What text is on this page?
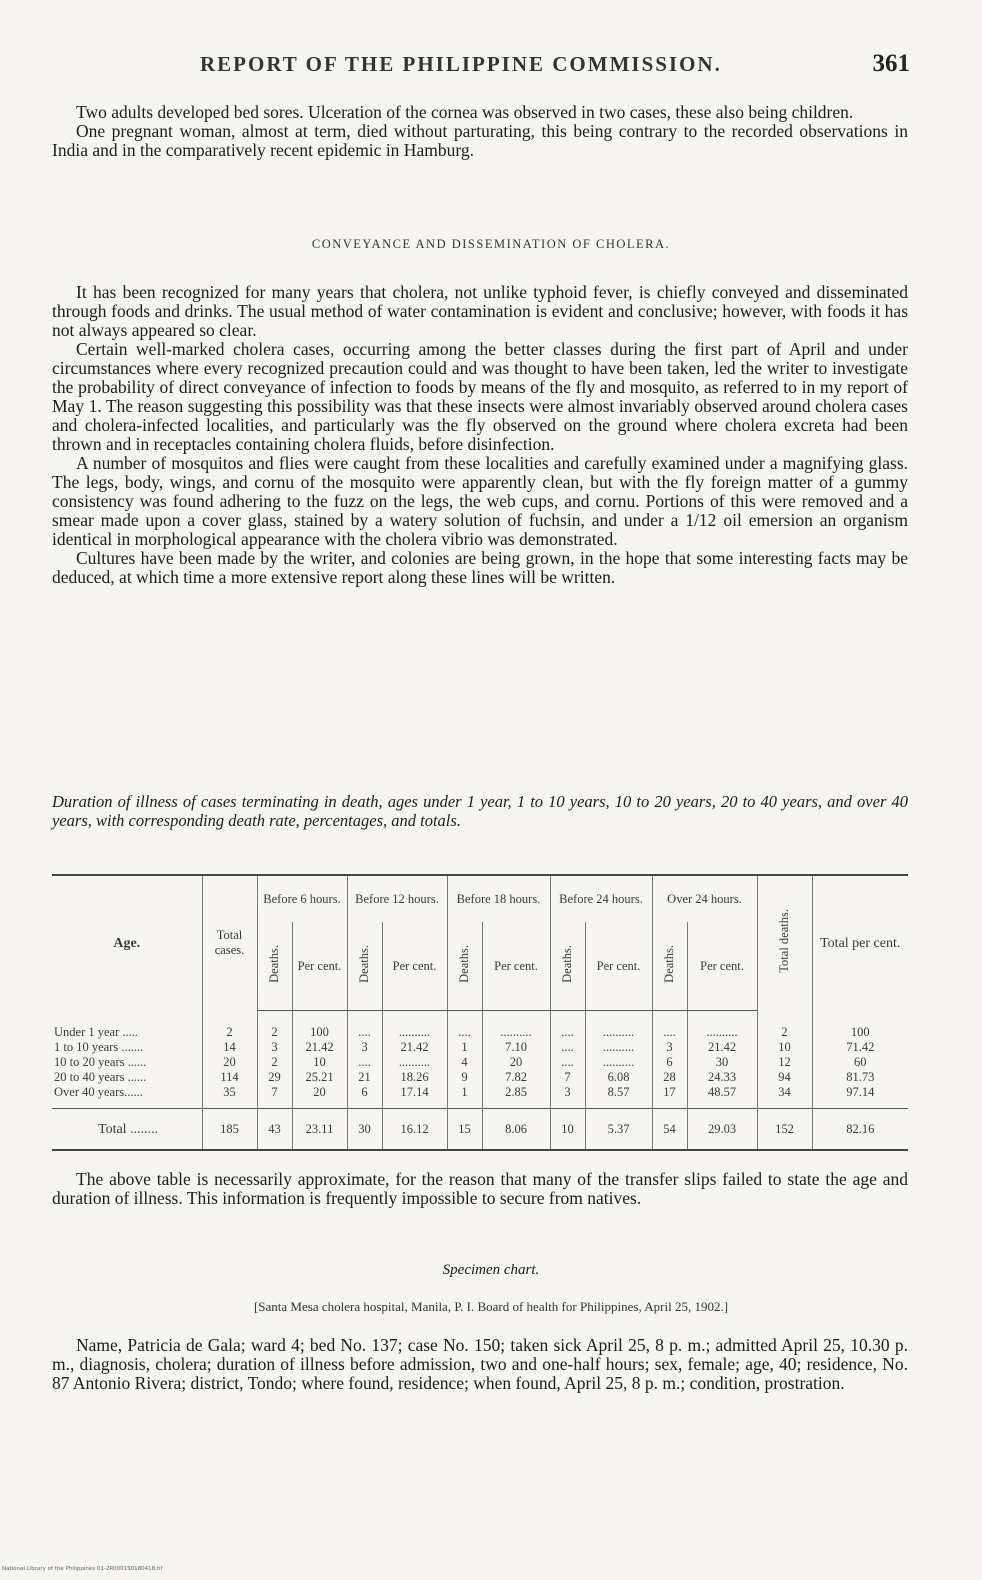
REPORT OF THE PHILIPPINE COMMISSION.	361

Two adults developed bed sores. Ulceration of the cornea was observed in two cases, these also being children.

One pregnant woman, almost at term, died without parturating, this being contrary to the recorded observations in India and in the comparatively recent epidemic in Hamburg.

CONVEYANCE AND DISSEMINATION OF CHOLERA.

It has been recognized for many years that cholera, not unlike typhoid fever, is chiefly conveyed and disseminated through foods and drinks. The usual method of water contamination is evident and conclusive; however, with foods it has not always appeared so clear.

Certain well-marked cholera cases, occurring among the better classes during the first part of April and under circumstances where every recognized precaution could and was thought to have been taken, led the writer to investigate the probability of direct conveyance of infection to foods by means of the fly and mosquito, as referred to in my report of May 1. The reason suggesting this possibility was that these insects were almost invariably observed around cholera cases and cholera-infected localities, and particularly was the fly observed on the ground where cholera excreta had been thrown and in receptacles containing cholera fluids, before disinfection.

A number of mosquitos and flies were caught from these localities and carefully examined under a magnifying glass. The legs, body, wings, and cornu of the mosquito were apparently clean, but with the fly foreign matter of a gummy consistency was found adhering to the fuzz on the legs, the web cups, and cornu. Portions of this were removed and a smear made upon a cover glass, stained by a watery solution of fuchsin, and under a 1/12 oil emersion an organism identical in morphological appearance with the cholera vibrio was demonstrated.

Cultures have been made by the writer, and colonies are being grown, in the hope that some interesting facts may be deduced, at which time a more extensive report along these lines will be written.

Duration of illness of cases terminating in death, ages under 1 year, 1 to 10 years, 10 to 20 years, 20 to 40 years, and over 40 years, with corresponding death rate, percentages, and totals.
Age.	Total cases.	Before 6 hours.		Before 12 hours.		Before 18 hours.		Before 24 hours.		Over 24 hours.		Total deaths.	Total per cent.
		Deaths.	Per cent.	Deaths.	Per cent.	Deaths.	Per cent.	Deaths.	Per cent.	Deaths.	Per cent.		
Under 1 year .....	2	2	100	....	..........	....	..........	....	..........	....	..........	2	100
1 to 10 years .......	14	3	21.42	3	21.42	1	7.10	....	..........	3	21.42	10	71.42
10 to 20 years ......	20	2	10	....	..........	4	20	....	..........	6	30	12	60
20 to 40 years ......	114	29	25.21	21	18.26	9	7.82	7	6.08	28	24.33	94	81.73
Over 40 years......	35	7	20	6	17.14	1	2.85	3	8.57	17	48.57	34	97.14
Total ........	185	43	23.11	30	16.12	15	8.06	10	5.37	54	29.03	152	82.16

The above table is necessarily approximate, for the reason that many of the transfer slips failed to state the age and duration of illness. This information is frequently impossible to secure from natives.

Specimen chart.
[Santa Mesa cholera hospital, Manila, P. I. Board of health for Philippines, April 25, 1902.]

Name, Patricia de Gala; ward 4; bed No. 137; case No. 150; taken sick April 25, 8 p. m.; admitted April 25, 10.30 p. m., diagnosis, cholera; duration of illness before admission, two and one-half hours; sex, female; age, 40; residence, No. 87 Antonio Rivera; district, Tondo; where found, residence; when found, April 25, 8 p. m.; condition, prostration.

National Library of the Philippines 01-2R0001S0180418.tif
